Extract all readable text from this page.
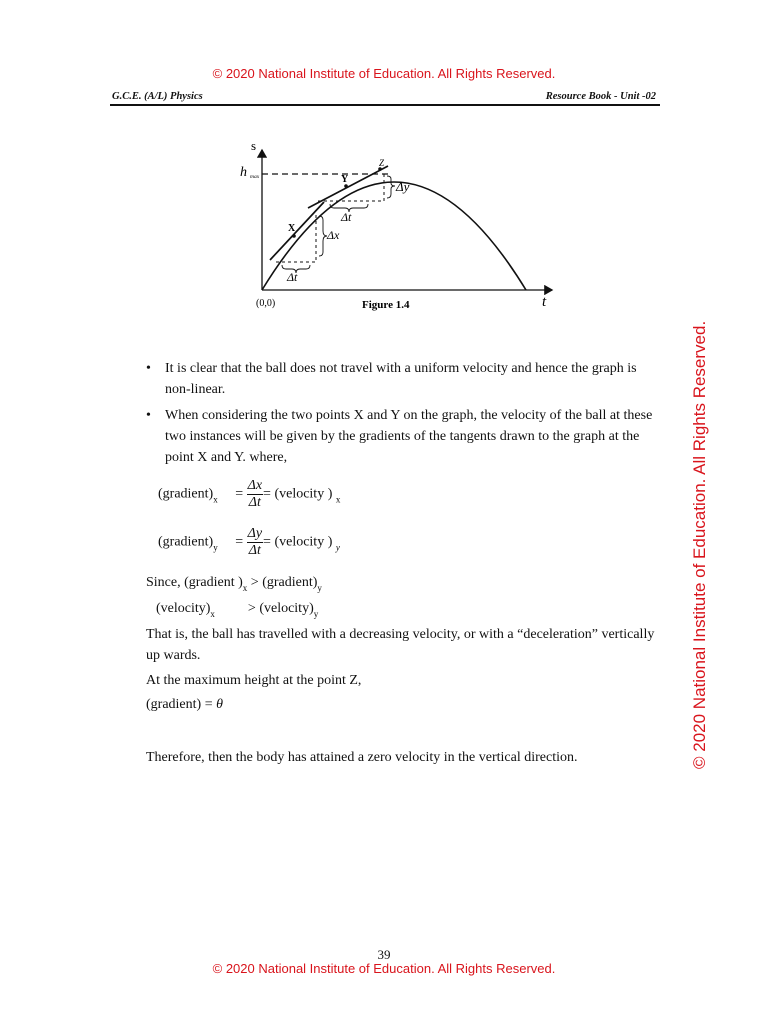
© 2020 National Institute of Education. All Rights Reserved.
© 2020 National Institute of Education. All Rights Reserved.
G.C.E. (A/L) Physics	Resource Book - Unit -02
s
t
(0,0)
h max
X
Y
Z
Δt
Δx
Δt
Δy
Figure 1.4
• It is clear that the ball does not travel with a uniform velocity and hence the graph is non-linear.
• When considering the two points X and Y on the graph, the velocity of the ball at these two instances will be given by the gradients of the tangents drawn to the graph at the point X and Y. where,
$(gradient)_x = \frac{\Delta x}{\Delta t}$ = (velocity ) $_x$
$(gradient)_y = \frac{\Delta y}{\Delta t}$ = (velocity ) $_y$
Since, (gradient )$_x$ > $(gradient)_y$
$(velocity)_x$ > $(velocity)_y$
That is, the ball has travelled with a decreasing velocity, or with a “deceleration” vertically up wards.
At the maximum height at the point Z,
(gradient) = θ
Therefore, then the body has attained a zero velocity in the vertical direction.
39
© 2020 National Institute of Education. All Rights Reserved.
